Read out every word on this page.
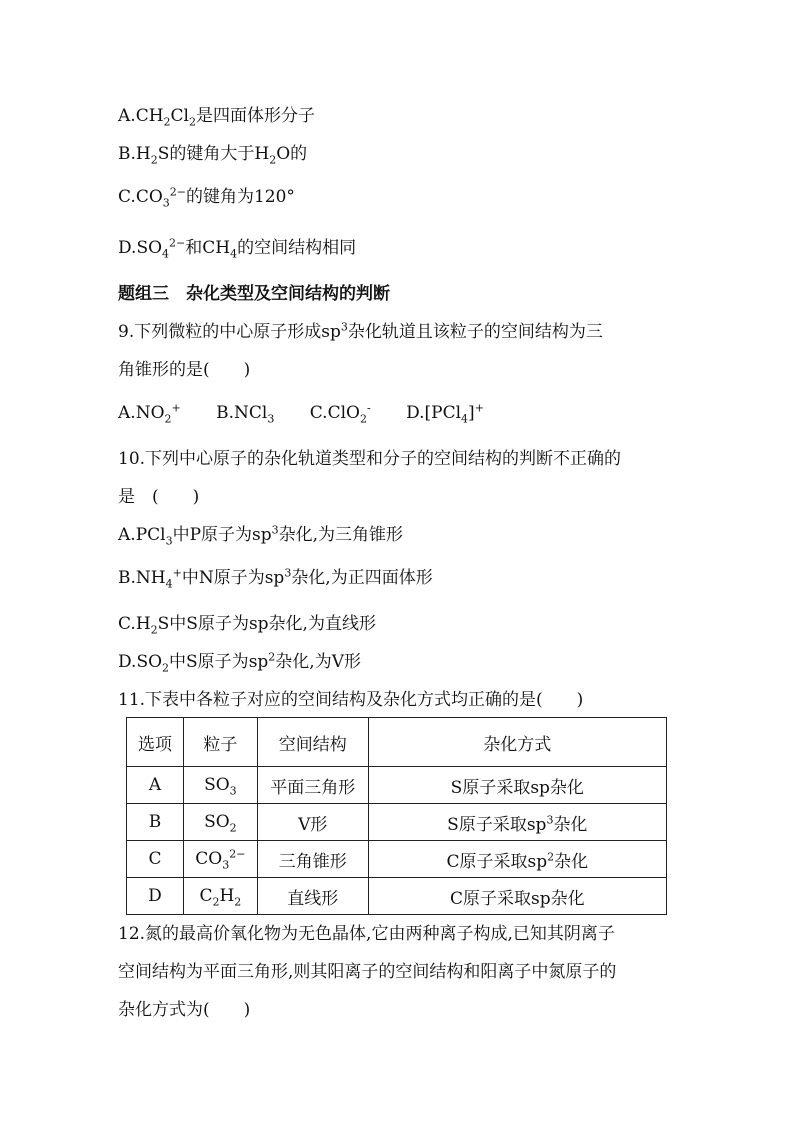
$A.CH_2Cl_2$是四面体形分子
$B.H_2S$的键角大于$H_2O$的
$C.CO_3^{2-}$的键角为120°
$D.SO_4^{2-}$和$CH_4$的空间结构相同
题组三　杂化类型及空间结构的判断
9.下列微粒的中心原子形成$sp^3$杂化轨道且该粒子的空间结构为三
角锥形的是(　　)
$A.NO_2^+$ B.NCl$_3$ C.ClO$_2$- D.[PCl$_4$]+
10.下列中心原子的杂化轨道类型和分子的空间结构的判断不正确的
是　(　　)
A.PCl$_3$中P原子为$sp^3$杂化,为三角锥形
$B.NH_4^+$中N原子为$sp^3$杂化,为正四面体形
$C.H_2S$中S原子为sp杂化,为直线形
$D.SO_2$中S原子为$sp^2$杂化,为V形
11.下表中各粒子对应的空间结构及杂化方式均正确的是(　　)
选项	粒子	空间结构	杂化方式
A	$SO_3$	平面三角形	S原子采取sp杂化
B	$SO_2$	V形	S原子采取$sp^3$杂化
C	$CO_3^{2-}$	三角锥形	C原子采取$sp^2$杂化
D	$C_2H_2$	直线形	C原子采取sp杂化
12.氮的最高价氧化物为无色晶体,它由两种离子构成,已知其阴离子
空间结构为平面三角形,则其阳离子的空间结构和阳离子中氮原子的
杂化方式为(　　)
